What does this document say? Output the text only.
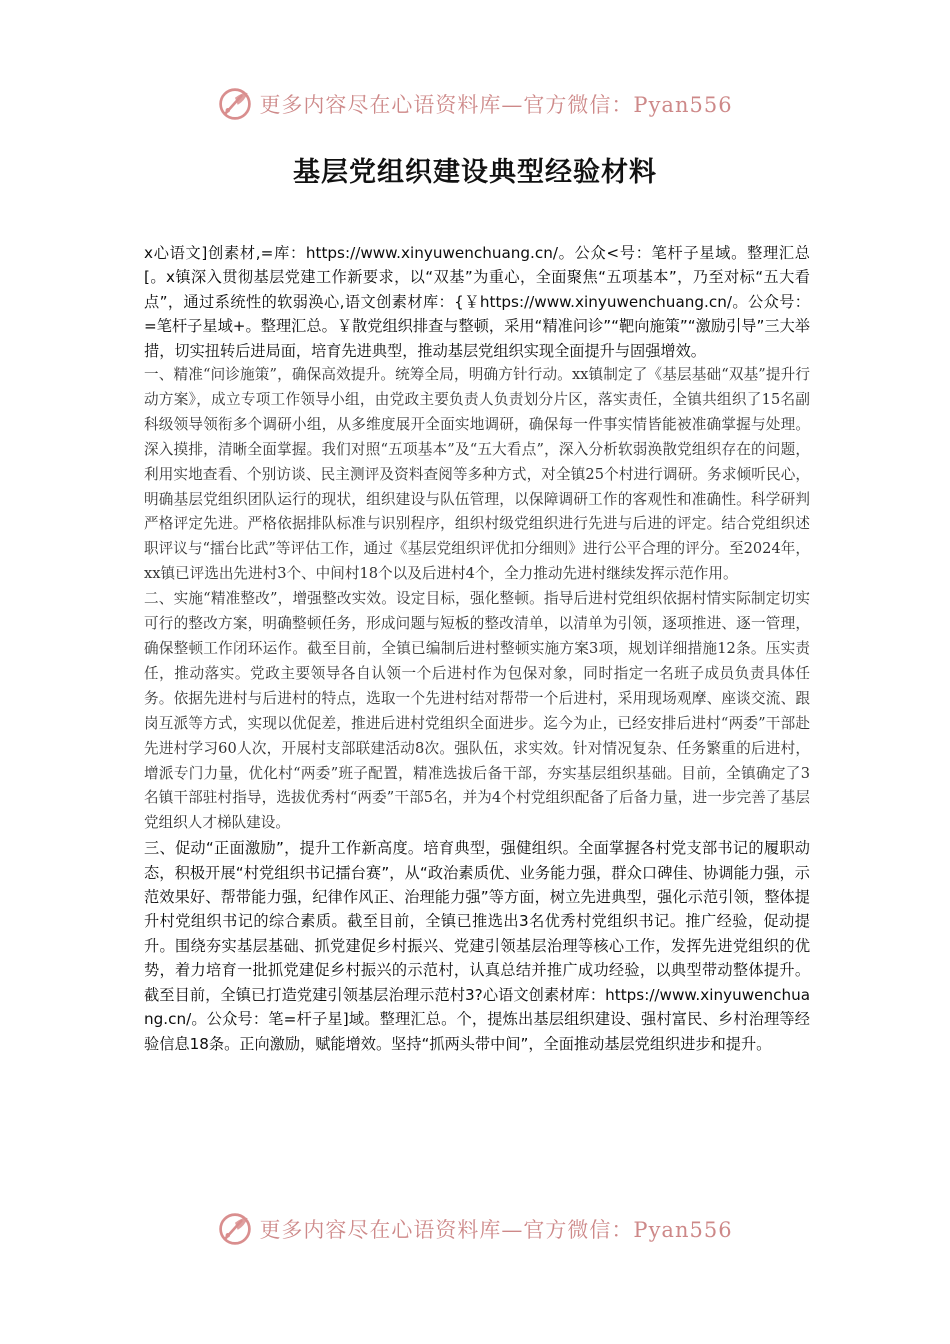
更多内容尽在心语资料库—官方微信：Pyan556
基层党组织建设典型经验材料

x心语文]创素材,=库：https://www.xinyuwenchuang.cn/。公众<号：笔杆子星域。整理汇总[。x镇深入贯彻基层党建工作新要求，以“双基”为重心，全面聚焦“五项基本”，乃至对标“五大看点”，通过系统性的软弱涣心,语文创素材库：{￥https://www.xinyuwenchuang.cn/。公众号：=笔杆子星域+。整理汇总。￥散党组织排查与整顿，采用“精准问诊”“靶向施策”“激励引导”三大举措，切实扭转后进局面，培育先进典型，推动基层党组织实现全面提升与固强增效。

一、精准“问诊施策”，确保高效提升。统筹全局，明确方针行动。xx镇制定了《基层基础“双基”提升行动方案》，成立专项工作领导小组，由党政主要负责人负责划分片区，落实责任，全镇共组织了15名副科级领导领衔多个调研小组，从多维度展开全面实地调研，确保每一件事实情皆能被准确掌握与处理。深入摸排，清晰全面掌握。我们对照“五项基本”及“五大看点”，深入分析软弱涣散党组织存在的问题，利用实地查看、个别访谈、民主测评及资料查阅等多种方式，对全镇25个村进行调研。务求倾听民心，明确基层党组织团队运行的现状，组织建设与队伍管理，以保障调研工作的客观性和准确性。科学研判严格评定先进。严格依据排队标准与识别程序，组织村级党组织进行先进与后进的评定。结合党组织述职评议与“擂台比武”等评估工作，通过《基层党组织评优扣分细则》进行公平合理的评分。至2024年，xx镇已评选出先进村3个、中间村18个以及后进村4个，全力推动先进村继续发挥示范作用。

二、实施“精准整改”，增强整改实效。设定目标，强化整顿。指导后进村党组织依据村情实际制定切实可行的整改方案，明确整顿任务，形成问题与短板的整改清单，以清单为引领，逐项推进、逐一管理，确保整顿工作闭环运作。截至目前，全镇已编制后进村整顿实施方案3项，规划详细措施12条。压实责任，推动落实。党政主要领导各自认领一个后进村作为包保对象，同时指定一名班子成员负责具体任务。依据先进村与后进村的特点，选取一个先进村结对帮带一个后进村，采用现场观摩、座谈交流、跟岗互派等方式，实现以优促差，推进后进村党组织全面进步。迄今为止，已经安排后进村“两委”干部赴先进村学习60人次，开展村支部联建活动8次。强队伍，求实效。针对情况复杂、任务繁重的后进村，增派专门力量，优化村“两委”班子配置，精准选拔后备干部，夯实基层组织基础。目前，全镇确定了3名镇干部驻村指导，选拔优秀村“两委”干部5名，并为4个村党组织配备了后备力量，进一步完善了基层党组织人才梯队建设。

三、促动“正面激励”，提升工作新高度。培育典型，强健组织。全面掌握各村党支部书记的履职动态，积极开展“村党组织书记擂台赛”，从“政治素质优、业务能力强，群众口碑佳、协调能力强，示范效果好、帮带能力强，纪律作风正、治理能力强”等方面，树立先进典型，强化示范引领，整体提升村党组织书记的综合素质。截至目前，全镇已推选出3名优秀村党组织书记。推广经验，促动提升。围绕夯实基层基础、抓党建促乡村振兴、党建引领基层治理等核心工作，发挥先进党组织的优势，着力培育一批抓党建促乡村振兴的示范村，认真总结并推广成功经验，以典型带动整体提升。截至目前，全镇已打造党建引领基层治理示范村3?心语文创素材库：https://www.xinyuwenchuang.cn/。公众号：笔=杆子星]域。整理汇总。个，提炼出基层组织建设、强村富民、乡村治理等经验信息18条。正向激励，赋能增效。坚持“抓两头带中间”，全面推动基层党组织进步和提升。

更多内容尽在心语资料库—官方微信：Pyan556
